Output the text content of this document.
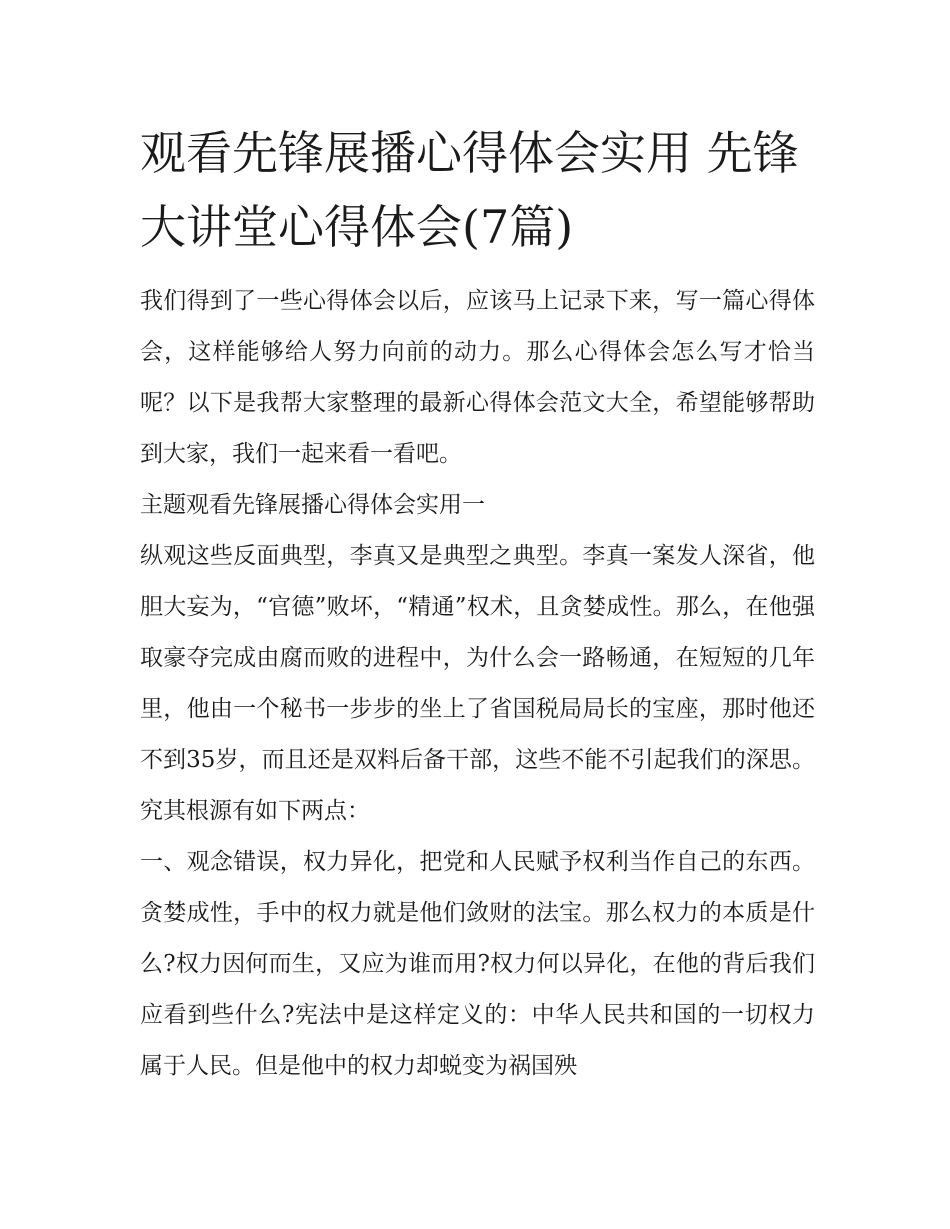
观看先锋展播心得体会实用 先锋大讲堂心得体会(7篇)

我们得到了一些心得体会以后，应该马上记录下来，写一篇心得体会，这样能够给人努力向前的动力。那么心得体会怎么写才恰当呢？以下是我帮大家整理的最新心得体会范文大全，希望能够帮助到大家，我们一起来看一看吧。

主题观看先锋展播心得体会实用一

纵观这些反面典型，李真又是典型之典型。李真一案发人深省，他胆大妄为，“官德”败坏，“精通”权术，且贪婪成性。那么，在他强取豪夺完成由腐而败的进程中，为什么会一路畅通，在短短的几年里，他由一个秘书一步步的坐上了省国税局局长的宝座，那时他还不到35岁，而且还是双料后备干部，这些不能不引起我们的深思。究其根源有如下两点：

一、观念错误，权力异化，把党和人民赋予权利当作自己的东西。贪婪成性，手中的权力就是他们敛财的法宝。那么权力的本质是什么?权力因何而生，又应为谁而用?权力何以异化，在他的背后我们应看到些什么?宪法中是这样定义的：中华人民共和国的一切权力属于人民。但是他中的权力却蜕变为祸国殃
